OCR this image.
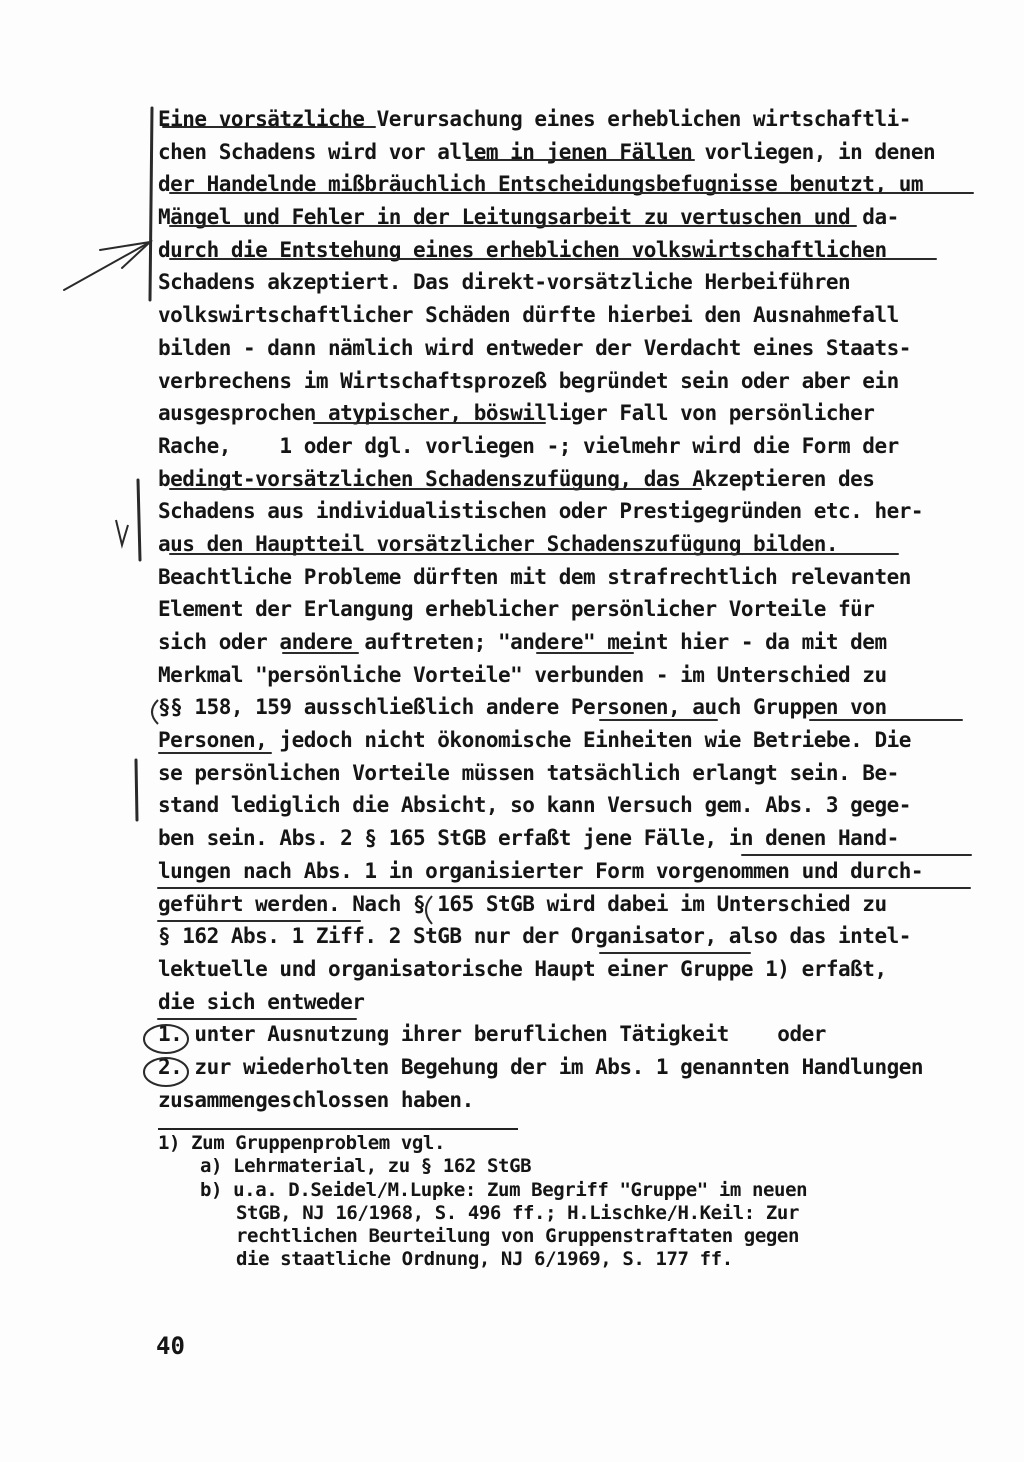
Eine vorsätzliche Verursachung eines erheblichen wirtschaftli-
chen Schadens wird vor allem in jenen Fällen vorliegen, in denen
der Handelnde mißbräuchlich Entscheidungsbefugnisse benutzt, um
Mängel und Fehler in der Leitungsarbeit zu vertuschen und da-
durch die Entstehung eines erheblichen volkswirtschaftlichen
Schadens akzeptiert. Das direkt-vorsätzliche Herbeiführen
volkswirtschaftlicher Schäden dürfte hierbei den Ausnahmefall
bilden - dann nämlich wird entweder der Verdacht eines Staats-
verbrechens im Wirtschaftsprozeß begründet sein oder aber ein
ausgesprochen atypischer, böswilliger Fall von persönlicher
Rache,    1 oder dgl. vorliegen -; vielmehr wird die Form der
bedingt-vorsätzlichen Schadenszufügung, das Akzeptieren des
Schadens aus individualistischen oder Prestigegründen etc. her-
aus den Hauptteil vorsätzlicher Schadenszufügung bilden.
Beachtliche Probleme dürften mit dem strafrechtlich relevanten
Element der Erlangung erheblicher persönlicher Vorteile für
sich oder andere auftreten; "andere" meint hier - da mit dem
Merkmal "persönliche Vorteile" verbunden - im Unterschied zu
§§ 158, 159 ausschließlich andere Personen, auch Gruppen von
Personen, jedoch nicht ökonomische Einheiten wie Betriebe. Die
se persönlichen Vorteile müssen tatsächlich erlangt sein. Be-
stand lediglich die Absicht, so kann Versuch gem. Abs. 3 gege-
ben sein. Abs. 2 § 165 StGB erfaßt jene Fälle, in denen Hand-
lungen nach Abs. 1 in organisierter Form vorgenommen und durch-
geführt werden. Nach § 165 StGB wird dabei im Unterschied zu
§ 162 Abs. 1 Ziff. 2 StGB nur der Organisator, also das intel-
lektuelle und organisatorische Haupt einer Gruppe 1) erfaßt,
die sich entweder
1. unter Ausnutzung ihrer beruflichen Tätigkeit    oder
2. zur wiederholten Begehung der im Abs. 1 genannten Handlungen
zusammengeschlossen haben.
1) Zum Gruppenproblem vgl.
a) Lehrmaterial, zu § 162 StGB
b) u.a. D.Seidel/M.Lupke: Zum Begriff "Gruppe" im neuen
StGB, NJ 16/1968, S. 496 ff.; H.Lischke/H.Keil: Zur
rechtlichen Beurteilung von Gruppenstraftaten gegen
die staatliche Ordnung, NJ 6/1969, S. 177 ff.
40
